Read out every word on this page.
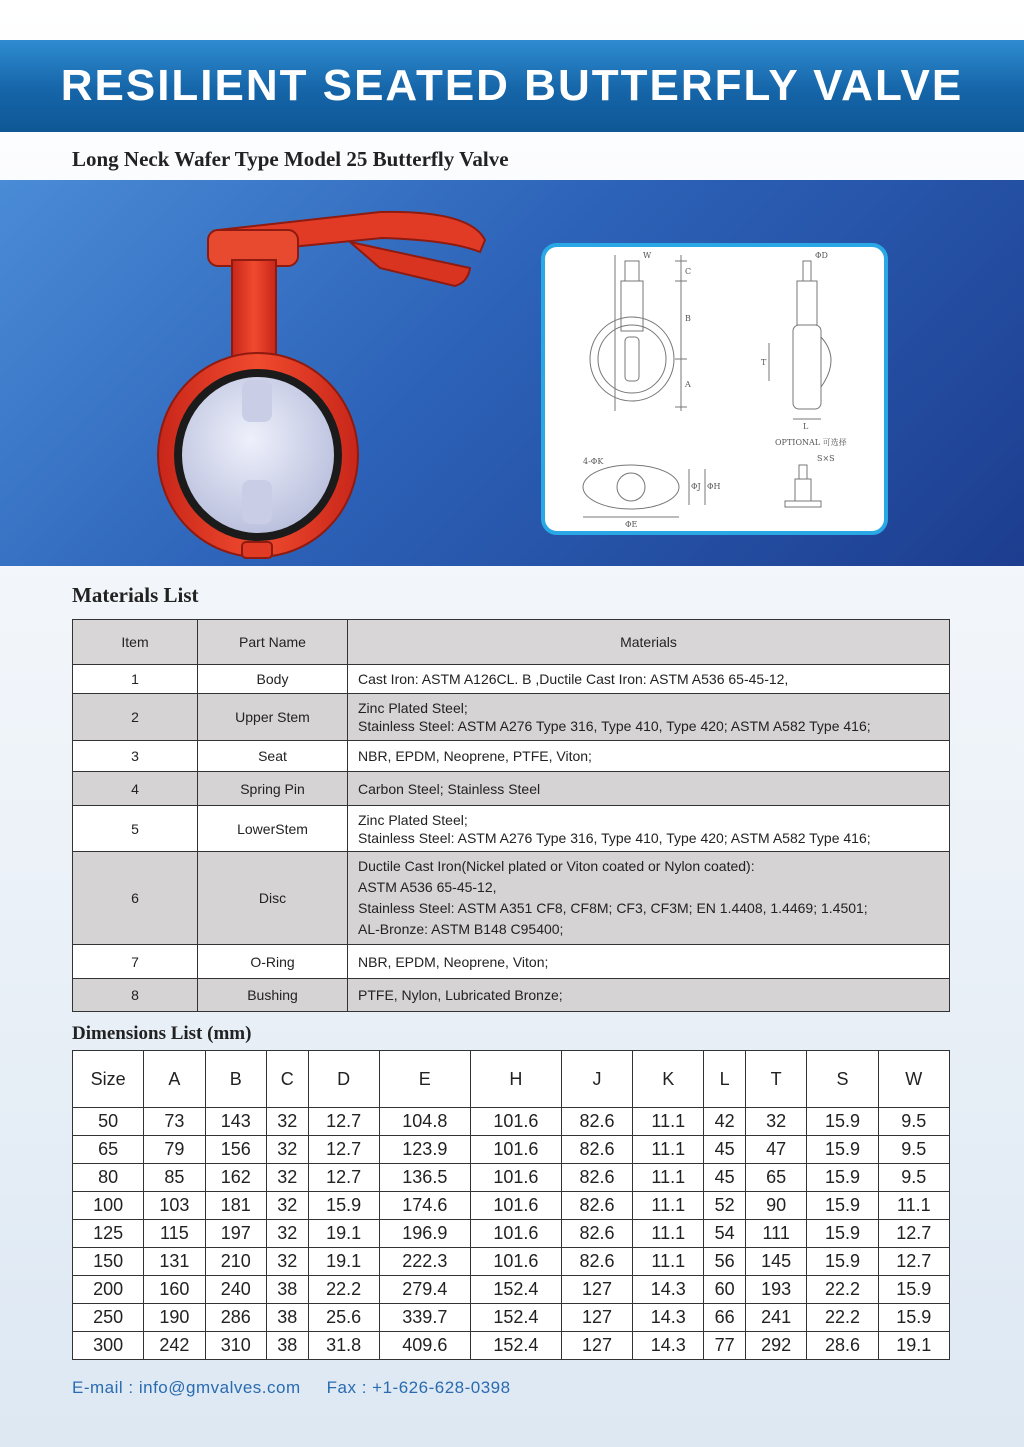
RESILIENT SEATED BUTTERFLY VALVE
Long Neck Wafer Type Model 25 Butterfly Valve
W	ΦD
C
B
A
T
L
OPTIONAL 可选择
S×S
4-ΦK
ΦJ ΦH
ΦE
Materials List
Item	Part Name	Materials
1	Body	Cast Iron: ASTM A126CL. B ,Ductile Cast Iron: ASTM A536 65-45-12,

2	Upper Stem	Zinc Plated Steel;
Stainless Steel: ASTM A276 Type 316, Type 410, Type 420; ASTM A582 Type 416;

3	Seat	NBR, EPDM, Neoprene, PTFE, Viton;

4	Spring Pin	Carbon Steel; Stainless Steel

5	LowerStem	Zinc Plated Steel;
Stainless Steel: ASTM A276 Type 316, Type 410, Type 420; ASTM A582 Type 416;

6	Disc	Ductile Cast Iron(Nickel plated or Viton coated or Nylon coated):
ASTM A536 65-45-12,
Stainless Steel: ASTM A351 CF8, CF8M; CF3, CF3M; EN 1.4408, 1.4469; 1.4501;
AL-Bronze: ASTM B148 C95400;

7	O-Ring	NBR, EPDM, Neoprene, Viton;

8	Bushing	PTFE, Nylon, Lubricated Bronze;
Dimensions List (mm)
Size	A	B	C	D	E	H	J	K	L	T	S	W
50	73	143	32	12.7	104.8	101.6	82.6	11.1	42	32	15.9	9.5
65	79	156	32	12.7	123.9	101.6	82.6	11.1	45	47	15.9	9.5
80	85	162	32	12.7	136.5	101.6	82.6	11.1	45	65	15.9	9.5
100	103	181	32	15.9	174.6	101.6	82.6	11.1	52	90	15.9	11.1
125	115	197	32	19.1	196.9	101.6	82.6	11.1	54	111	15.9	12.7
150	131	210	32	19.1	222.3	101.6	82.6	11.1	56	145	15.9	12.7
200	160	240	38	22.2	279.4	152.4	127	14.3	60	193	22.2	15.9
250	190	286	38	25.6	339.7	152.4	127	14.3	66	241	22.2	15.9
300	242	310	38	31.8	409.6	152.4	127	14.3	77	292	28.6	19.1
E-mail : info@gmvalves.com Fax : +1-626-628-0398
